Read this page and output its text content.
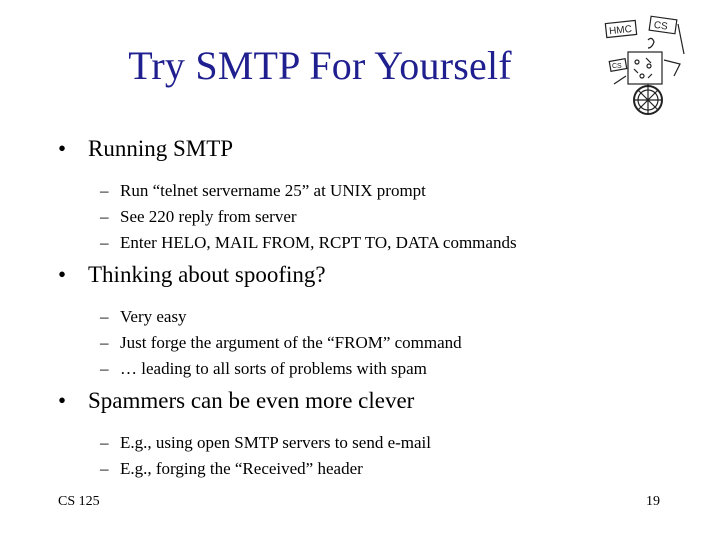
Try SMTP For Yourself
HMC CS
CS
• Running SMTP
– Run “telnet servername 25” at UNIX prompt
– See 220 reply from server
– Enter HELO, MAIL FROM, RCPT TO, DATA commands
• Thinking about spoofing?
– Very easy
– Just forge the argument of the “FROM” command
– … leading to all sorts of problems with spam
• Spammers can be even more clever
– E.g., using open SMTP servers to send e-mail
– E.g., forging the “Received” header
CS 125	19
